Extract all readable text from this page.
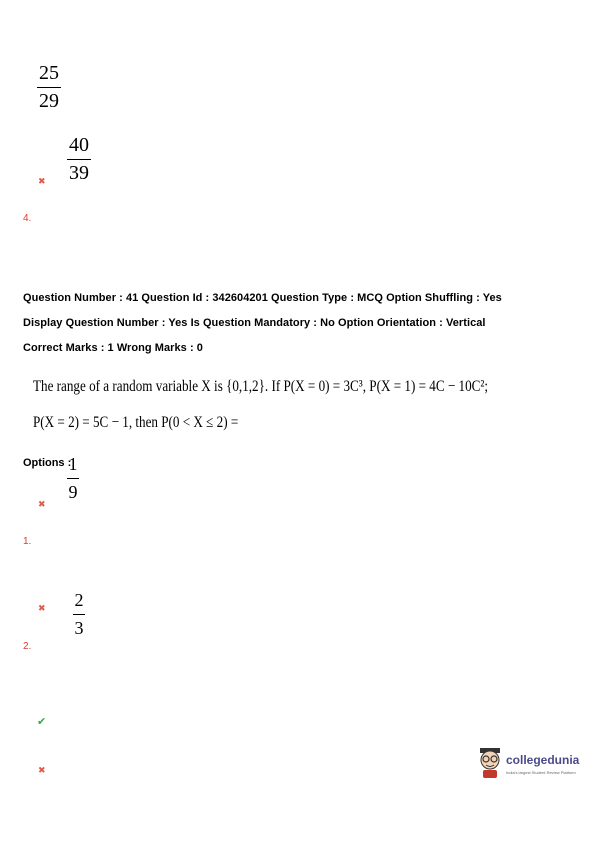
25
29
40
39
✖
4.
Question Number : 41 Question Id : 342604201 Question Type : MCQ Option Shuffling : Yes
Display Question Number : Yes Is Question Mandatory : No Option Orientation : Vertical
Correct Marks : 1 Wrong Marks : 0
The range of a random variable X is {0,1,2}. If P(X = 0) = 3C³, P(X = 1) = 4C − 10C²;
P(X = 2) = 5C − 1, then P(0 < X ≤ 2) =
Options :
1
9
✖
1.
2
3
✖
2.
✔
✖
collegedunia
India's largest Student Review Platform
